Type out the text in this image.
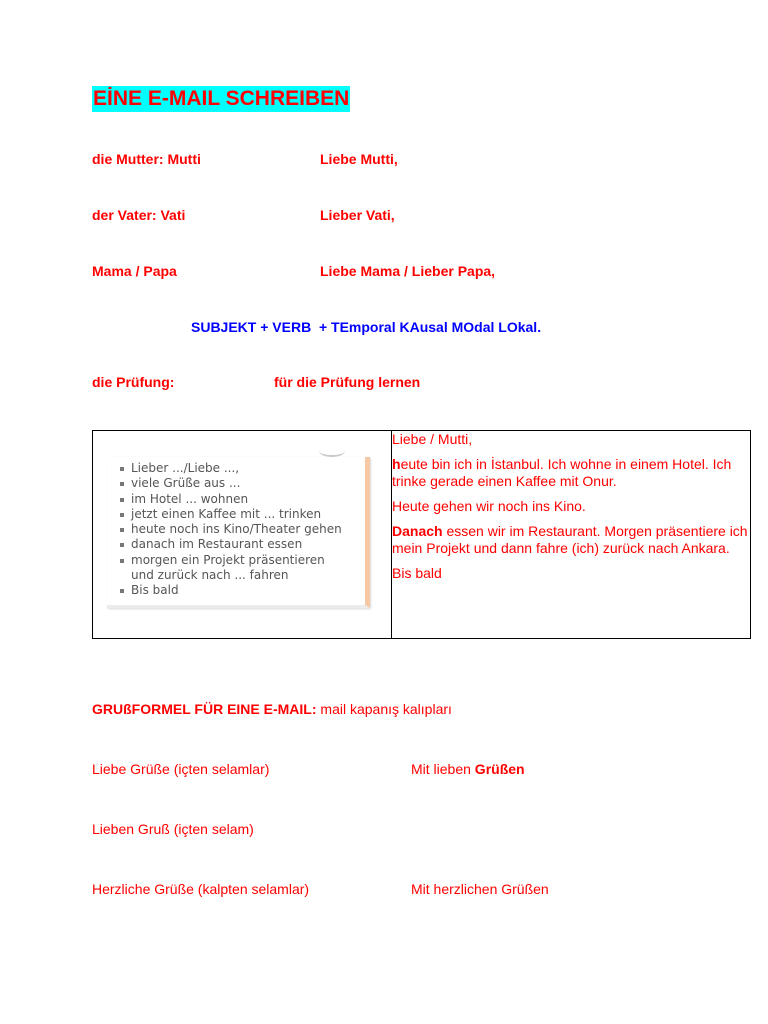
EİNE E-MAIL SCHREIBEN
die Mutter: Mutti	Liebe Mutti,
der Vater: Vati	Lieber Vati,
Mama / Papa	Liebe Mama / Lieber Papa,
SUBJEKT + VERB  + TEmporal KAusal MOdal LOkal.
die Prüfung:	für die Prüfung lernen
Lieber .../Liebe ...,
viele Grüße aus ...
im Hotel ... wohnen
jetzt einen Kaffee mit ... trinken
heute noch ins Kino/Theater gehen
danach im Restaurant essen
morgen ein Projekt präsentieren
und zurück nach ... fahren
Bis bald

Liebe / Mutti,

heute bin ich in İstanbul. Ich wohne in einem Hotel. Ich trinke gerade einen Kaffee mit Onur.

Heute gehen wir noch ins Kino.

Danach essen wir im Restaurant. Morgen präsentiere ich mein Projekt und dann fahre (ich) zurück nach Ankara.

Bis bald

GRUßFORMEL FÜR EINE E-MAIL: mail kapanış kalıpları
Liebe Grüße (içten selamlar)	Mit lieben Grüßen
Lieben Gruß (içten selam)
Herzliche Grüße (kalpten selamlar)	Mit herzlichen Grüßen
